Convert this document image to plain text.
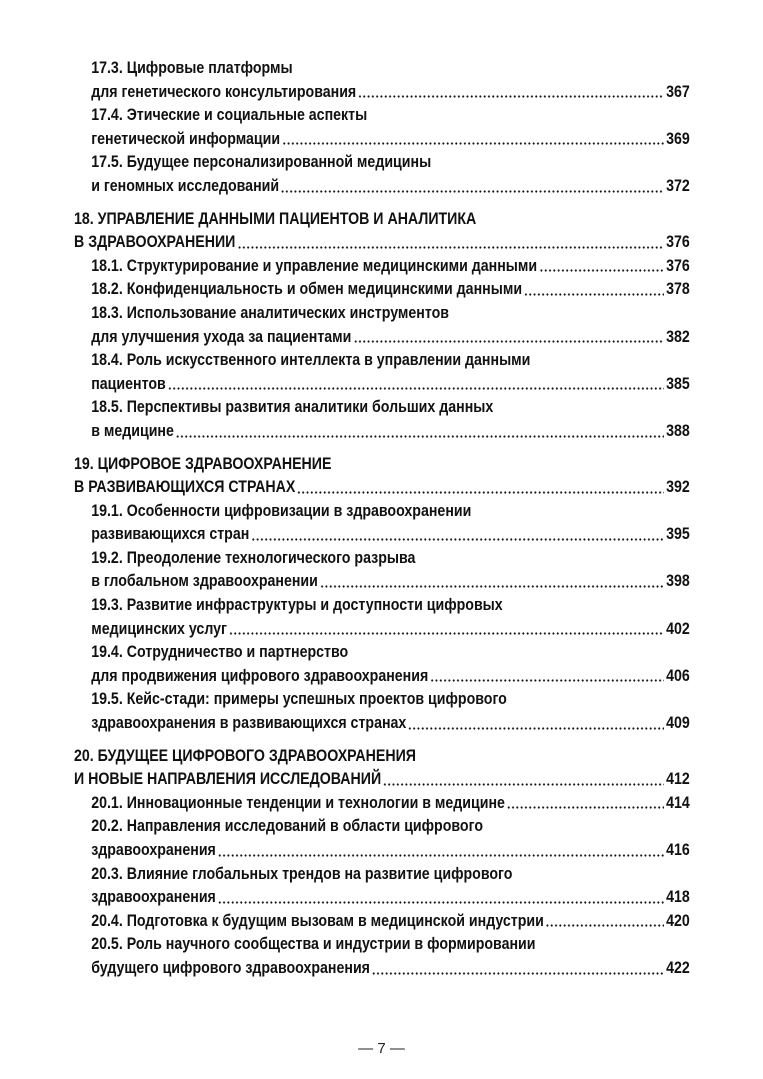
17.3. Цифровые платформы
для генетического консультирования	367
17.4. Этические и социальные аспекты
генетической информации	369
17.5. Будущее персонализированной медицины
и геномных исследований	372
18. УПРАВЛЕНИЕ ДАННЫМИ ПАЦИЕНТОВ И АНАЛИТИКА
В ЗДРАВООХРАНЕНИИ	376
18.1. Структурирование и управление медицинскими данными	376
18.2. Конфиденциальность и обмен медицинскими данными	378
18.3. Использование аналитических инструментов
для улучшения ухода за пациентами	382
18.4. Роль искусственного интеллекта в управлении данными
пациентов	385
18.5. Перспективы развития аналитики больших данных
в медицине	388
19. ЦИФРОВОЕ ЗДРАВООХРАНЕНИЕ
В РАЗВИВАЮЩИХСЯ СТРАНАХ	392
19.1. Особенности цифровизации в здравоохранении
развивающихся стран	395
19.2. Преодоление технологического разрыва
в глобальном здравоохранении	398
19.3. Развитие инфраструктуры и доступности цифровых
медицинских услуг	402
19.4. Сотрудничество и партнерство
для продвижения цифрового здравоохранения	406
19.5. Кейс-стади: примеры успешных проектов цифрового
здравоохранения в развивающихся странах	409
20. БУДУЩЕЕ ЦИФРОВОГО ЗДРАВООХРАНЕНИЯ
И НОВЫЕ НАПРАВЛЕНИЯ ИССЛЕДОВАНИЙ	412
20.1. Инновационные тенденции и технологии в медицине	414
20.2. Направления исследований в области цифрового
здравоохранения	416
20.3. Влияние глобальных трендов на развитие цифрового
здравоохранения	418
20.4. Подготовка к будущим вызовам в медицинской индустрии	420
20.5. Роль научного сообщества и индустрии в формировании
будущего цифрового здравоохранения	422
— 7 —
